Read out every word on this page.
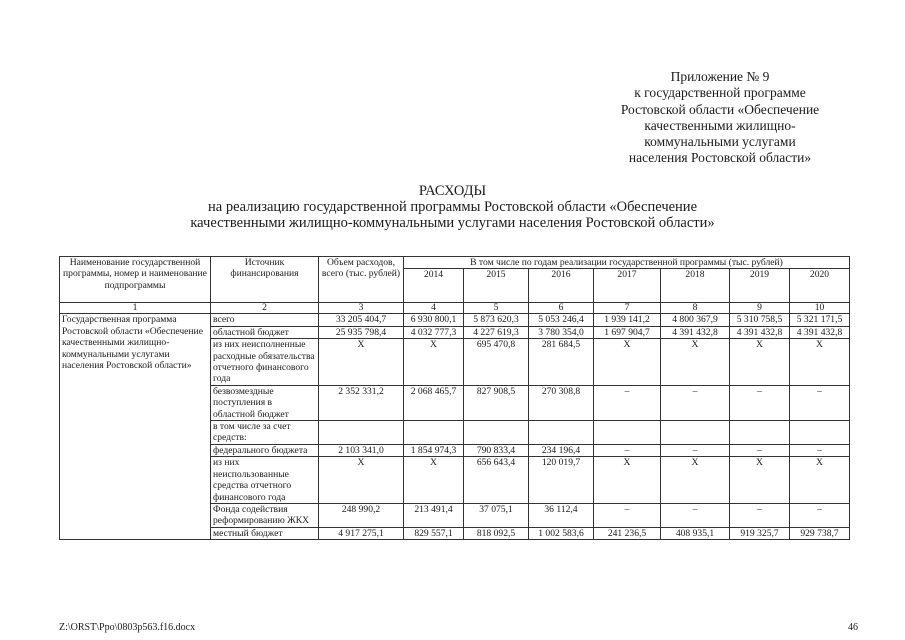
Приложение № 9
к государственной программе
Ростовской области «Обеспечение
качественными жилищно-
коммунальными услугами
населения Ростовской области»
РАСХОДЫ
на реализацию государственной программы Ростовской области «Обеспечение
качественными жилищно-коммунальными услугами населения Ростовской области»
Наименование государственной программы, номер и наименование подпрограммы	Источник финансирования	Объем расходов, всего (тыс. рублей)	В том числе по годам реализации государственной программы (тыс. рублей)						
			2014	2015	2016	2017	2018	2019	2020
1	2	3	4	5	6	7	8	9	10
Государственная программа Ростовской области «Обеспечение качественными жилищно-коммунальными услугами населения Ростовской области»	всего	33 205 404,7	6 930 800,1	5 873 620,3	5 053 246,4	1 939 141,2	4 800 367,9	5 310 758,5	5 321 171,5
	областной бюджет	25 935 798,4	4 032 777,3	4 227 619,3	3 780 354,0	1 697 904,7	4 391 432,8	4 391 432,8	4 391 432,8
	из них неисполненные расходные обязательства отчетного финансового года	X	X	695 470,8	281 684,5	X	X	X	X
	безвозмездные поступления в областной бюджет	2 352 331,2	2 068 465,7	827 908,5	270 308,8	–	–	–	–
	в том числе за счет средств:								
	федерального бюджета	2 103 341,0	1 854 974,3	790 833,4	234 196,4	–	–	–	–
	из них неиспользованные средства отчетного финансового года	X	X	656 643,4	120 019,7	X	X	X	X
	Фонда содействия реформированию ЖКХ	248 990,2	213 491,4	37 075,1	36 112,4	–	–	–	–
	местный бюджет	4 917 275,1	829 557,1	818 092,5	1 002 583,6	241 236,5	408 935,1	919 325,7	929 738,7
Z:\ORST\Ppo\0803p563.f16.docx	46
